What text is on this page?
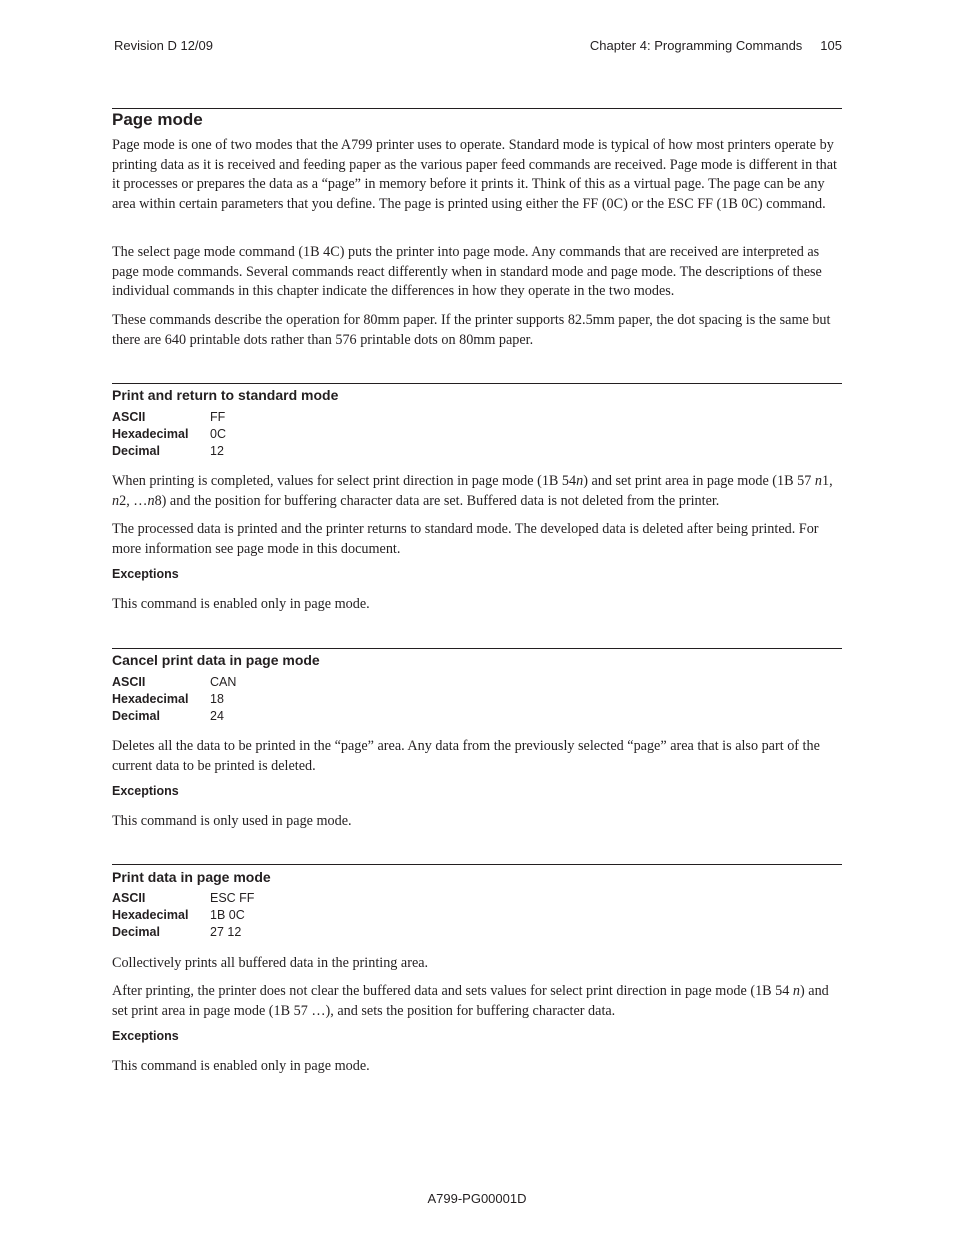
Revision D 12/09	Chapter 4: Programming Commands 105
Page mode

Page mode is one of two modes that the A799 printer uses to operate. Standard mode is typical of how most printers operate by printing data as it is received and feeding paper as the various paper feed commands are received. Page mode is different in that it processes or prepares the data as a “page” in memory before it prints it. Think of this as a virtual page. The page can be any area within certain parameters that you define. The page is printed using either the FF (0C) or the ESC FF (1B 0C) command.

The select page mode command (1B 4C) puts the printer into page mode. Any commands that are received are interpreted as page mode commands. Several commands react differently when in standard mode and page mode. The descriptions of these individual commands in this chapter indicate the differences in how they operate in the two modes.

These commands describe the operation for 80mm paper. If the printer supports 82.5mm paper, the dot spacing is the same but there are 640 printable dots rather than 576 printable dots on 80mm paper.

Print and return to standard mode
ASCII	FF
Hexadecimal	0C
Decimal	12

When printing is completed, values for select print direction in page mode (1B 54n) and set print area in page mode (1B 57 n1, n2, …n8) and the position for buffering character data are set. Buffered data is not deleted from the printer.

The processed data is printed and the printer returns to standard mode. The developed data is deleted after being printed. For more information see page mode in this document.

Exceptions

This command is enabled only in page mode.

Cancel print data in page mode
ASCII	CAN
Hexadecimal	18
Decimal	24

Deletes all the data to be printed in the “page” area. Any data from the previously selected “page” area that is also part of the current data to be printed is deleted.

Exceptions

This command is only used in page mode.

Print data in page mode
ASCII	ESC FF
Hexadecimal	1B 0C
Decimal	27 12

Collectively prints all buffered data in the printing area.

After printing, the printer does not clear the buffered data and sets values for select print direction in page mode (1B 54 n) and set print area in page mode (1B 57 …), and sets the position for buffering character data.

Exceptions

This command is enabled only in page mode.

A799-PG00001D
